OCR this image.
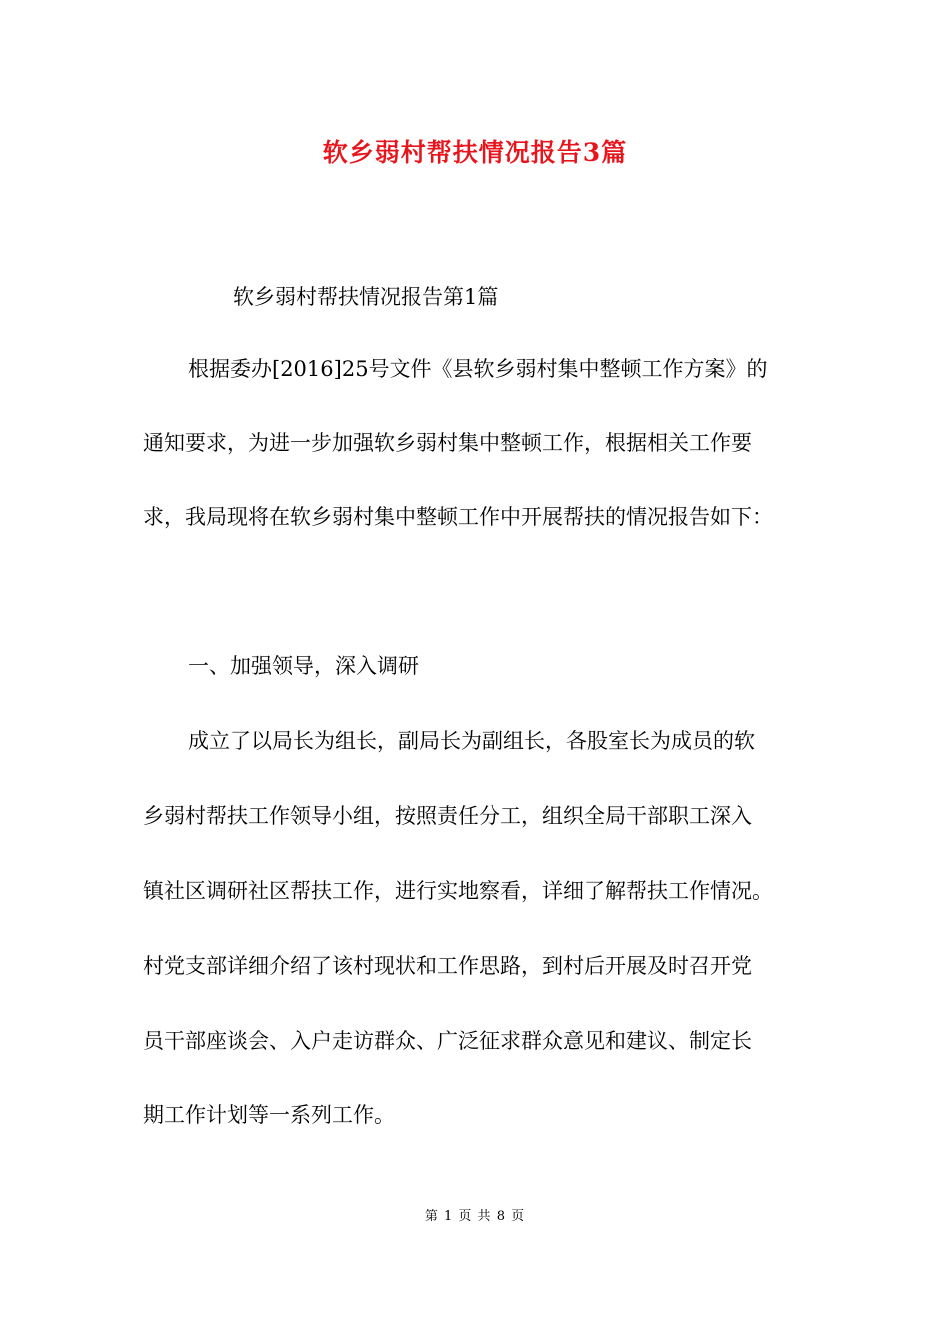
软乡弱村帮扶情况报告3篇
软乡弱村帮扶情况报告第1篇
根据委办[2016]25号文件《县软乡弱村集中整顿工作方案》的
通知要求，为进一步加强软乡弱村集中整顿工作，根据相关工作要
求，我局现将在软乡弱村集中整顿工作中开展帮扶的情况报告如下：
一、加强领导，深入调研
成立了以局长为组长，副局长为副组长，各股室长为成员的软
乡弱村帮扶工作领导小组，按照责任分工，组织全局干部职工深入
镇社区调研社区帮扶工作，进行实地察看，详细了解帮扶工作情况。
村党支部详细介绍了该村现状和工作思路，到村后开展及时召开党
员干部座谈会、入户走访群众、广泛征求群众意见和建议、制定长
期工作计划等一系列工作。
第 1 页 共 8 页
